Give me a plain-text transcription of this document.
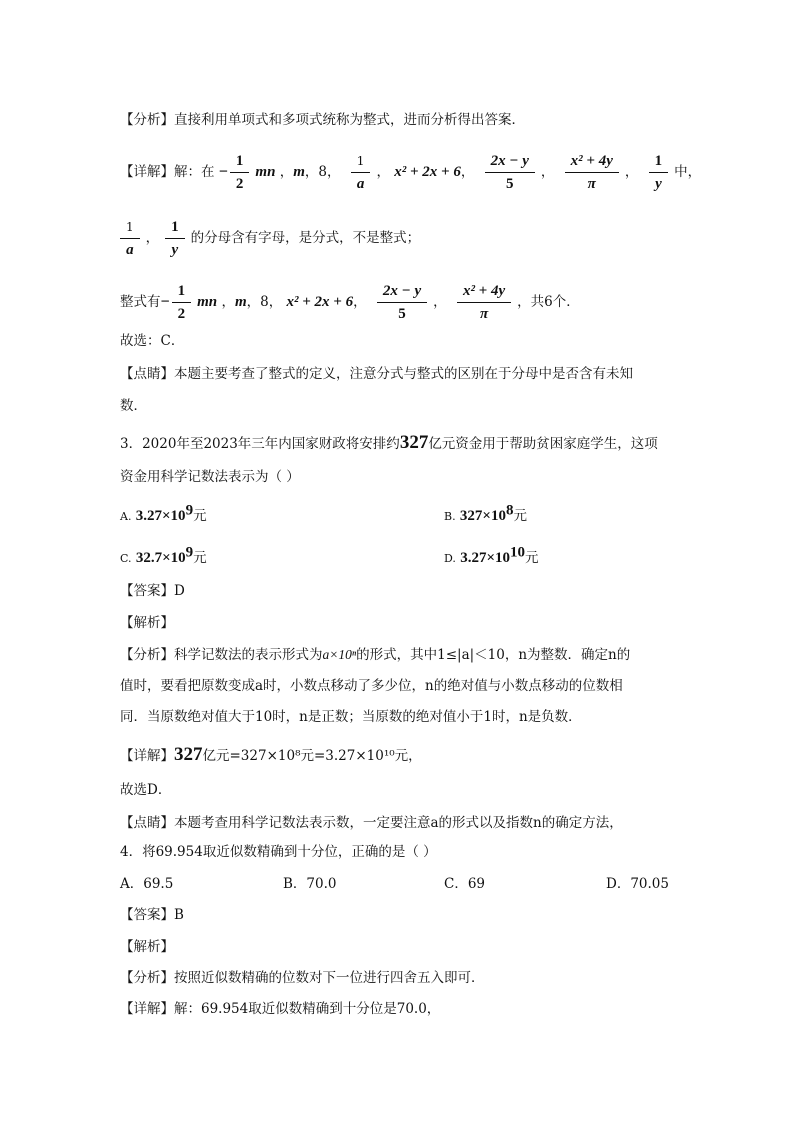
【分析】直接利用单项式和多项式统称为整式，进而分析得出答案．
【详解】解：在 − $\frac{1}{2}$ mn ，m，8， $\frac{1}{a}$ ， x² + 2x + 6， $\frac{2x - y}{5}$ ， $\frac{\text{x² + 4y}}{\pi}$ ， $\frac{1}{y}$ 中，
$\frac{1}{a}$ ， $\frac{1}{y}$ 的分母含有字母，是分式，不是整式；
整式有− $\frac{1}{2}$ mn ，m，8， x² + 2x + 6， $\frac{2x - y}{5}$ ， $\frac{\text{x² + 4y}}{\pi}$ ，共6个．
故选：C．
【点睛】本题主要考查了整式的定义，注意分式与整式的区别在于分母中是否含有未知
数．
3．2020年至2023年三年内国家财政将安排约327亿元资金用于帮助贫困家庭学生，这项
资金用科学记数法表示为（ ）
A. $3.27\times 10^9$元	B. $327\times 10^8$元
C. $32.7\times 10^9$元	D. $3.27\times 10^{10}$元
【答案】D
【解析】
【分析】科学记数法的表示形式为a×10ⁿ的形式，其中1≤|a|＜10，n为整数．确定n的
值时，要看把原数变成a时，小数点移动了多少位，n的绝对值与小数点移动的位数相
同．当原数绝对值大于10时，n是正数；当原数的绝对值小于1时，n是负数．
【详解】327亿元=327×10⁸元=3.27×10¹⁰元，
故选D．
【点睛】本题考查用科学记数法表示数，一定要注意a的形式以及指数n的确定方法，
4．将69.954取近似数精确到十分位，正确的是（ ）
A．69.5	B．70.0	C．69	D．70.05
【答案】B
【解析】
【分析】按照近似数精确的位数对下一位进行四舍五入即可．
【详解】解：69.954取近似数精确到十分位是70.0，
